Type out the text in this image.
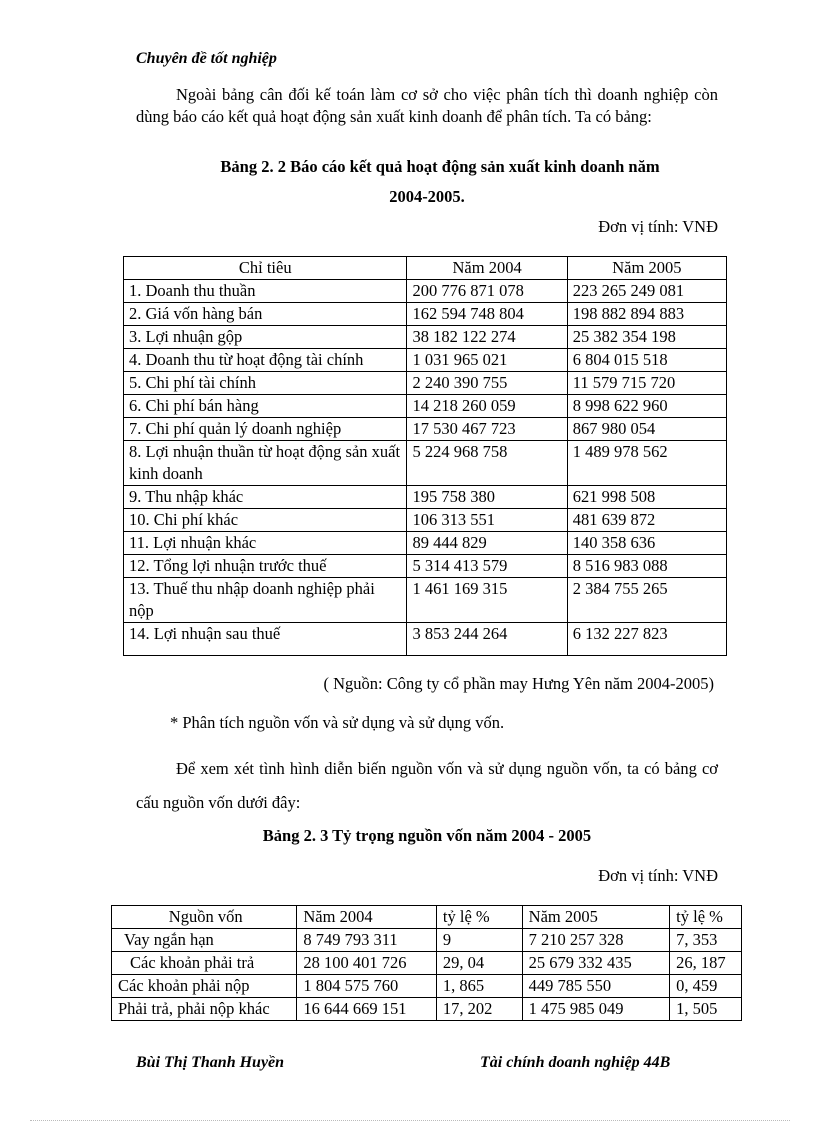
Chuyên đề tốt nghiệp

Ngoài bảng cân đối kế toán làm cơ sở cho việc phân tích thì doanh nghiệp còn dùng báo cáo kết quả hoạt động sản xuất kinh doanh để phân tích. Ta có bảng:

Bảng 2. 2 Báo cáo kết quả hoạt động sản xuất kinh doanh năm
2004-2005.
Đơn vị tính: VNĐ
Chỉ tiêu	Năm 2004	Năm 2005
1. Doanh thu thuần	200 776 871 078	223 265 249 081
2. Giá vốn hàng bán	162 594 748 804	198 882 894 883
3. Lợi nhuận gộp	38 182 122 274	25 382 354 198
4. Doanh thu từ hoạt động tài chính	1 031 965 021	6 804 015 518
5. Chi phí tài chính	2 240 390 755	11 579 715 720
6. Chi phí bán hàng	14 218 260 059	8 998 622 960
7. Chi phí quản lý doanh nghiệp	17 530 467 723	867 980 054
8. Lợi nhuận thuần từ hoạt động sản xuất kinh doanh	5 224 968 758	1 489 978 562
9. Thu nhập khác	195 758 380	621 998 508
10. Chi phí khác	106 313 551	481 639 872
11. Lợi nhuận khác	89 444 829	140 358 636
12. Tổng lợi nhuận trước thuế	5 314 413 579	8 516 983 088
13. Thuế thu nhập doanh nghiệp phải nộp	1 461 169 315	2 384 755 265
14. Lợi nhuận sau thuế	3 853 244 264	6 132 227 823
( Nguồn: Công ty cổ phần may Hưng Yên năm 2004-2005)
* Phân tích nguồn vốn và sử dụng và sử dụng vốn.

Để xem xét tình hình diễn biến nguồn vốn và sử dụng nguồn vốn, ta có bảng cơ cấu nguồn vốn dưới đây:

Bảng 2. 3 Tỷ trọng nguồn vốn năm 2004 - 2005
Đơn vị tính: VNĐ
Nguồn vốn	Năm 2004	tỷ lệ %	Năm 2005	tỷ lệ %
Vay ngắn hạn	8 749 793 311	9	7 210 257 328	7, 353
Các khoản phải trả	28 100 401 726	29, 04	25 679 332 435	26, 187
Các khoản phải nộp	1 804 575 760	1, 865	449 785 550	0, 459
Phải trả, phải nộp khác	16 644 669 151	17, 202	1 475 985 049	1, 505
Bùi Thị Thanh Huyền	Tài chính doanh nghiệp 44B
